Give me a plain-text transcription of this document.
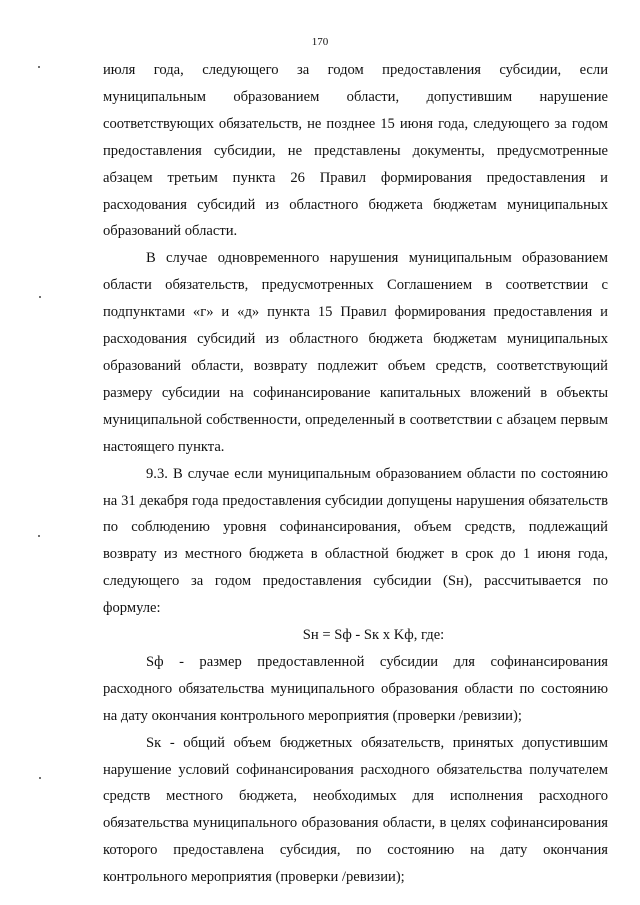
170

июля года, следующего за годом предоставления субсидии, если муниципальным образованием области, допустившим нарушение соответствующих обязательств, не позднее 15 июня года, следующего за годом предоставления субсидии, не представлены документы, предусмотренные абзацем третьим пункта 26 Правил формирования предоставления и расходования субсидий из областного бюджета бюджетам муниципальных образований области.

В случае одновременного нарушения муниципальным образованием области обязательств, предусмотренных Соглашением в соответствии с подпунктами «г» и «д» пункта 15 Правил формирования предоставления и расходования субсидий из областного бюджета бюджетам муниципальных образований области, возврату подлежит объем средств, соответствующий размеру субсидии на софинансирование капитальных вложений в объекты муниципальной собственности, определенный в соответствии с абзацем первым настоящего пункта.

9.3. В случае если муниципальным образованием области по состоянию на 31 декабря года предоставления субсидии допущены нарушения обязательств по соблюдению уровня софинансирования, объем средств, подлежащий возврату из местного бюджета в областной бюджет в срок до 1 июня года, следующего за годом предоставления субсидии (Sн), рассчитывается по формуле:

Sн = Sф - Sк х Kф, где:

Sф - размер предоставленной субсидии для софинансирования расходного обязательства муниципального образования области по состоянию на дату окончания контрольного мероприятия (проверки /ревизии);

Sк - общий объем бюджетных обязательств, принятых допустившим нарушение условий софинансирования расходного обязательства получателем средств местного бюджета, необходимых для исполнения расходного обязательства муниципального образования области, в целях софинансирования которого предоставлена субсидия, по состоянию на дату окончания контрольного мероприятия (проверки /ревизии);
